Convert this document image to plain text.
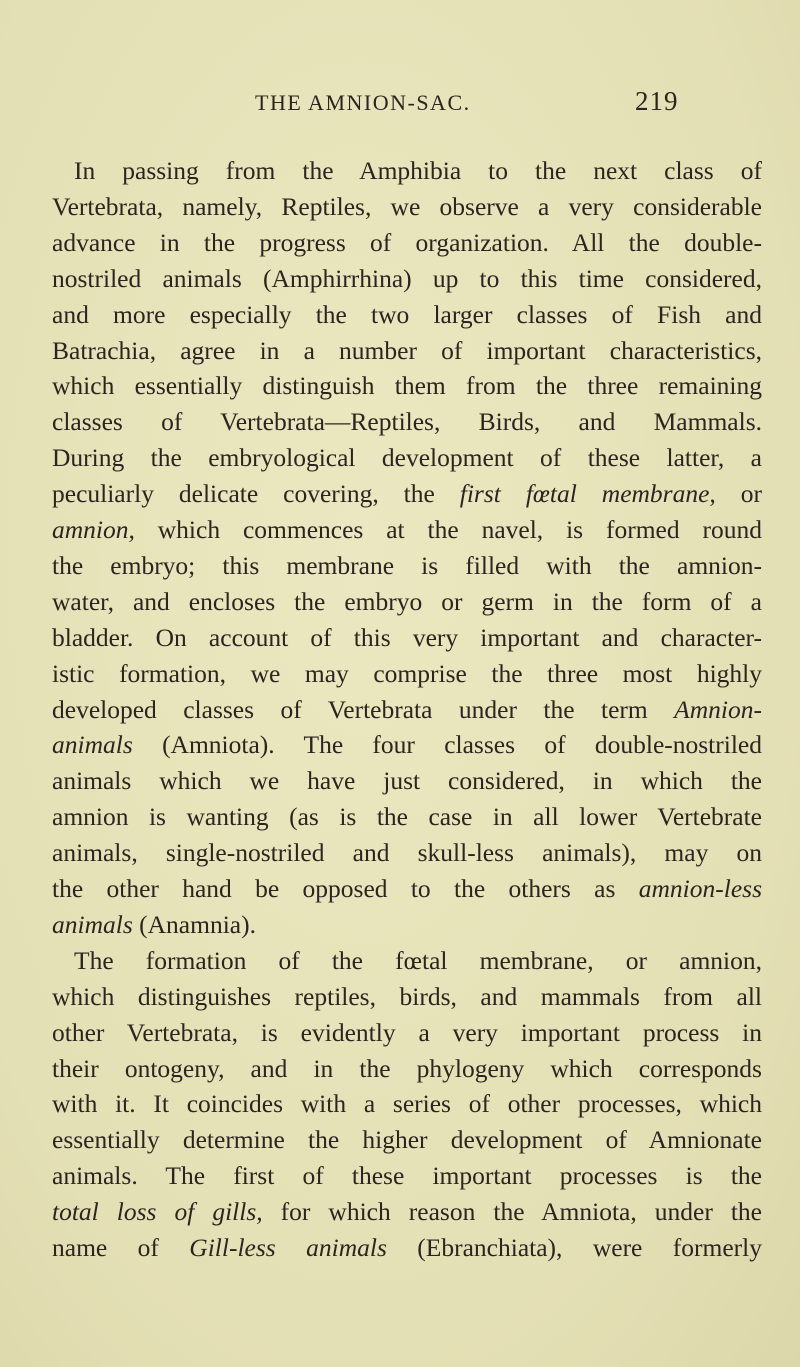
THE AMNION-SAC.	219
In passing from the Amphibia to the next class of
Vertebrata, namely, Reptiles, we observe a very considerable
advance in the progress of organization. All the double-
nostriled animals (Amphirrhina) up to this time considered,
and more especially the two larger classes of Fish and
Batrachia, agree in a number of important characteristics,
which essentially distinguish them from the three remaining
classes of Vertebrata—Reptiles, Birds, and Mammals.
During the embryological development of these latter, a
peculiarly delicate covering, the first fœtal membrane, or
amnion, which commences at the navel, is formed round
the embryo; this membrane is filled with the amnion-
water, and encloses the embryo or germ in the form of a
bladder. On account of this very important and character-
istic formation, we may comprise the three most highly
developed classes of Vertebrata under the term Amnion-
animals (Amniota). The four classes of double-nostriled
animals which we have just considered, in which the
amnion is wanting (as is the case in all lower Vertebrate
animals, single-nostriled and skull-less animals), may on
the other hand be opposed to the others as amnion-less
animals (Anamnia).
The formation of the fœtal membrane, or amnion,
which distinguishes reptiles, birds, and mammals from all
other Vertebrata, is evidently a very important process in
their ontogeny, and in the phylogeny which corresponds
with it. It coincides with a series of other processes, which
essentially determine the higher development of Amnionate
animals. The first of these important processes is the
total loss of gills, for which reason the Amniota, under the
name of Gill-less animals (Ebranchiata), were formerly
